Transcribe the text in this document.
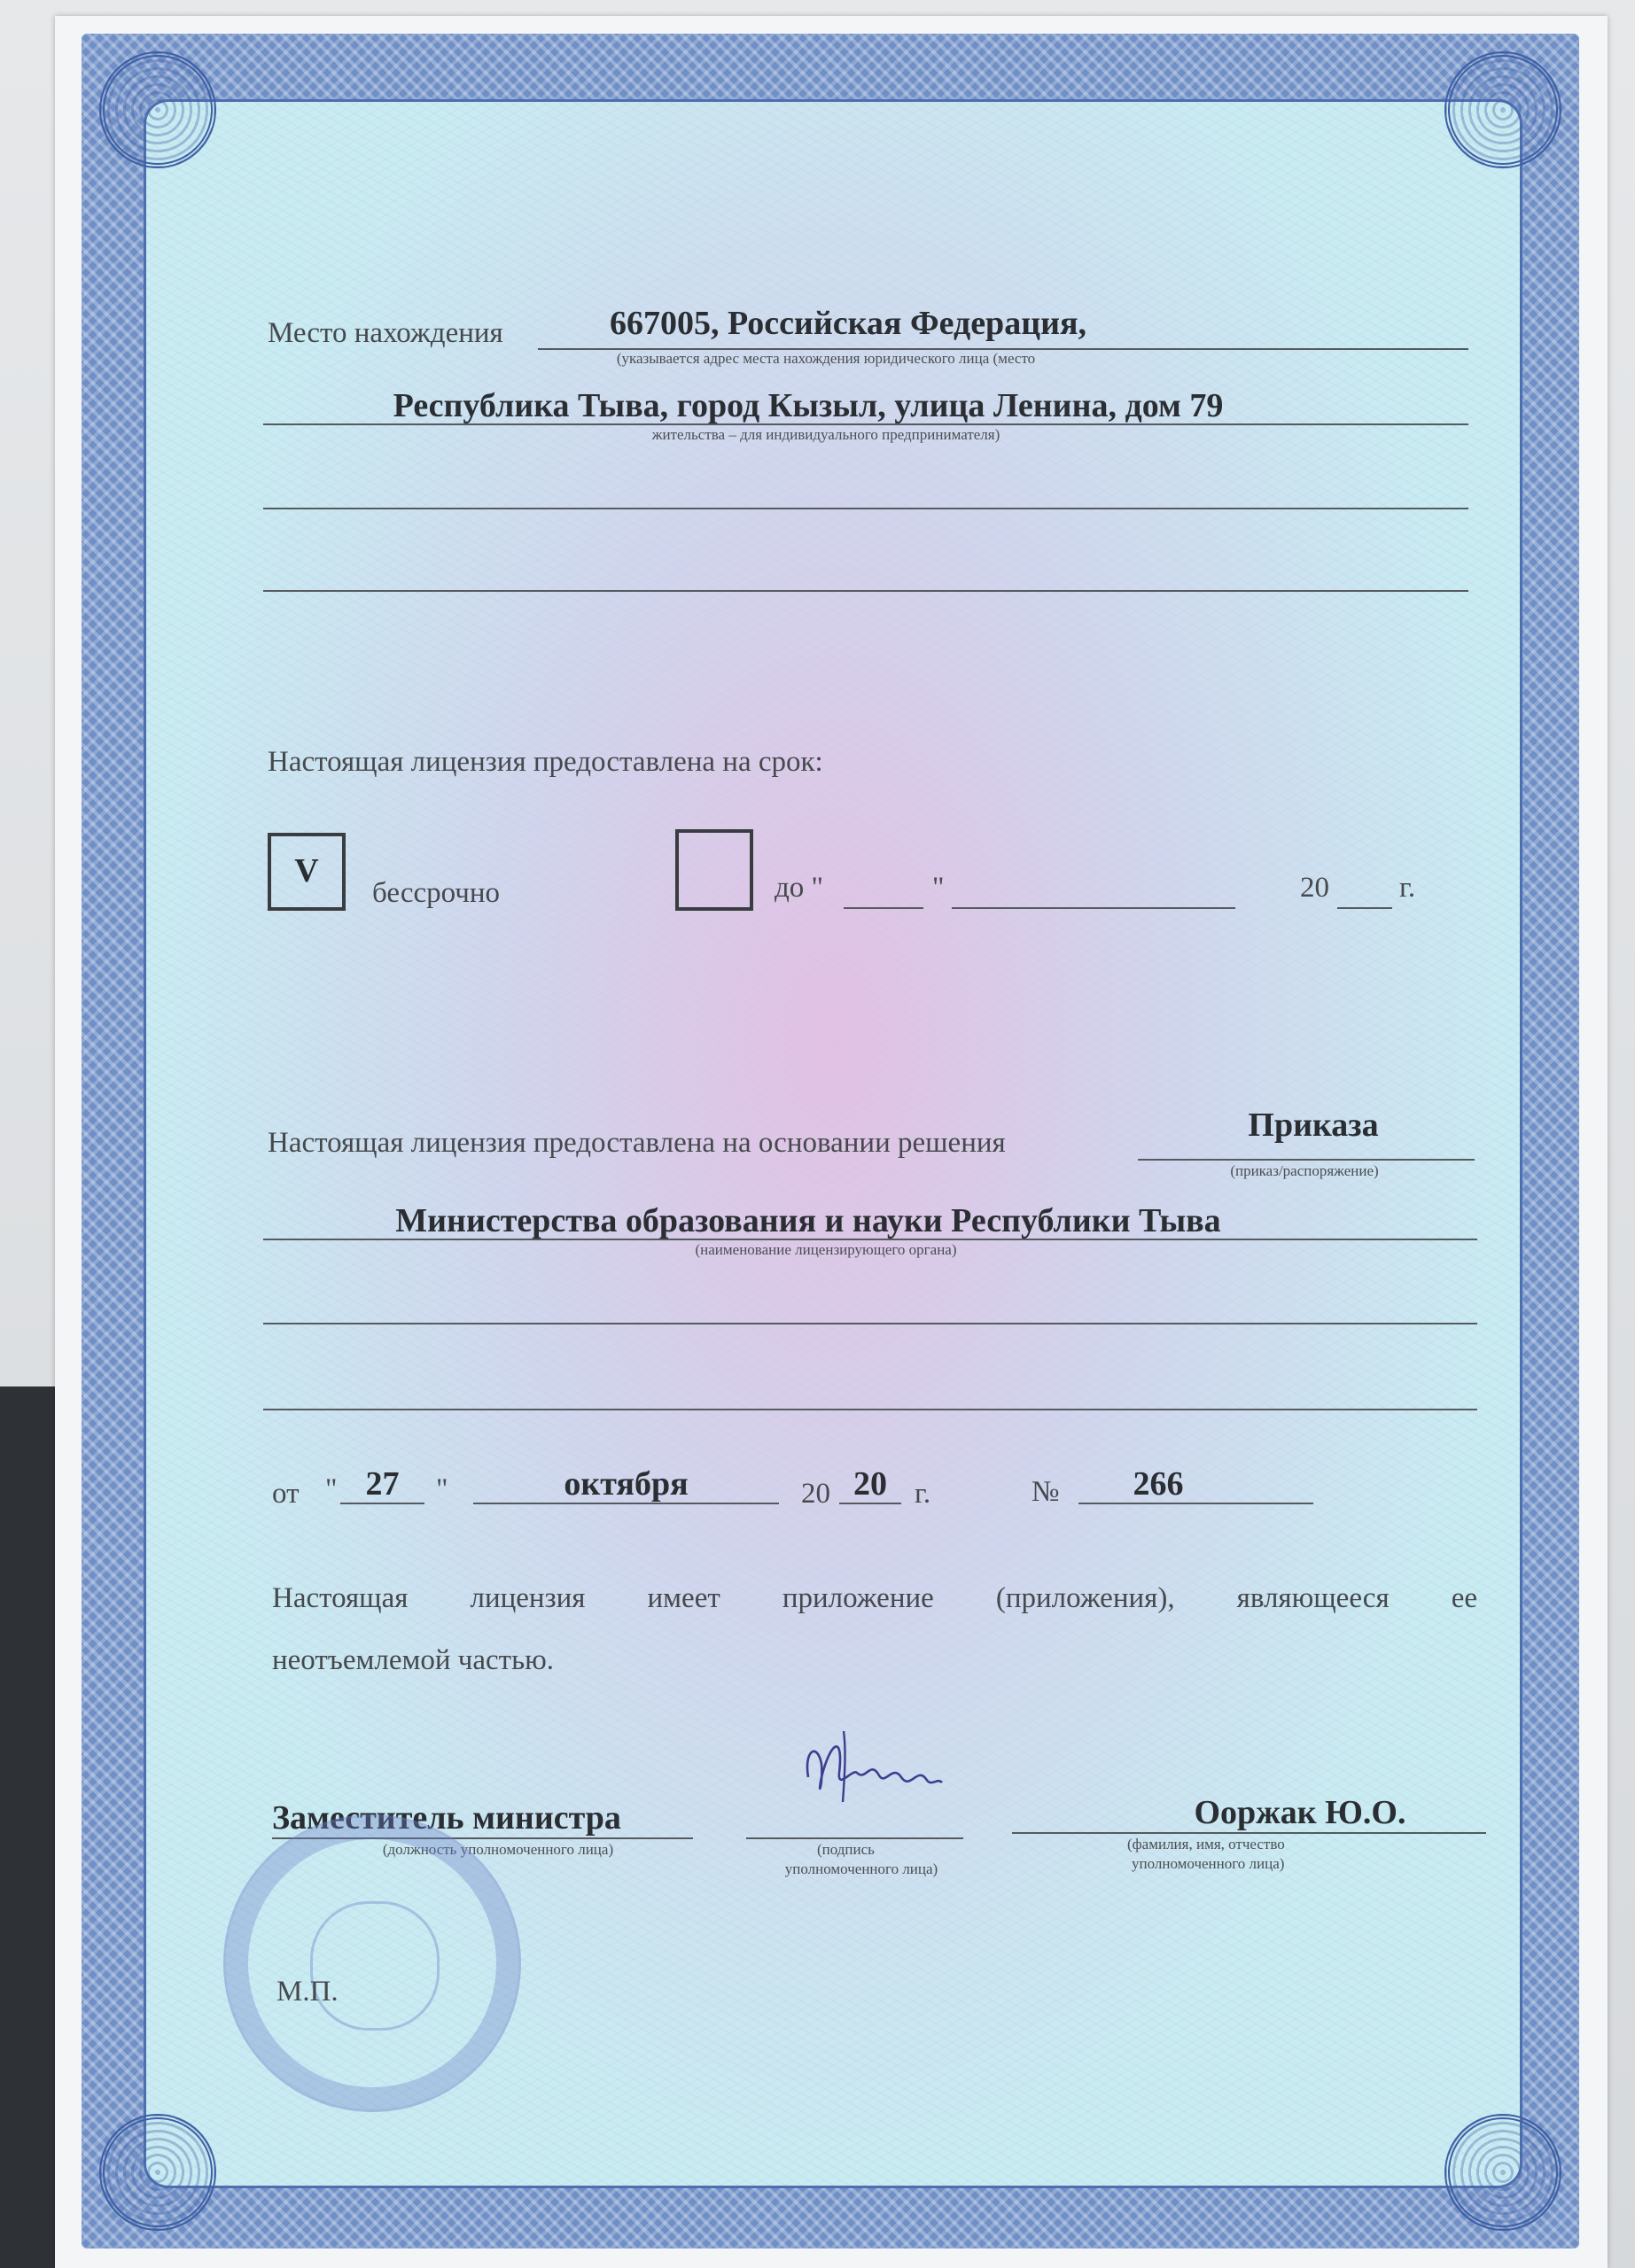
Место нахождения	667005, Российская Федерация,
(указывается адрес места нахождения юридического лица (место
Республика Тыва, город Кызыл, улица Ленина, дом 79
жительства – для индивидуального предпринимателя)
Настоящая лицензия предоставлена на срок:
V
бессрочно	до "	"	20 г.
Настоящая лицензия предоставлена на основании решения	Приказа
(приказ/распоряжение)
Министерства образования и науки Республики Тыва
(наименование лицензирующего органа)
от " 27	"	октября	20 20 г.	№	266
Настоящая лицензия имеет приложение (приложения), являющееся ее
неотъемлемой частью.
Заместитель министра
(должность уполномоченного лица)	(подпись
уполномоченного лица)
Ооржак Ю.О.
(фамилия, имя, отчество
уполномоченного лица)
М.П.
